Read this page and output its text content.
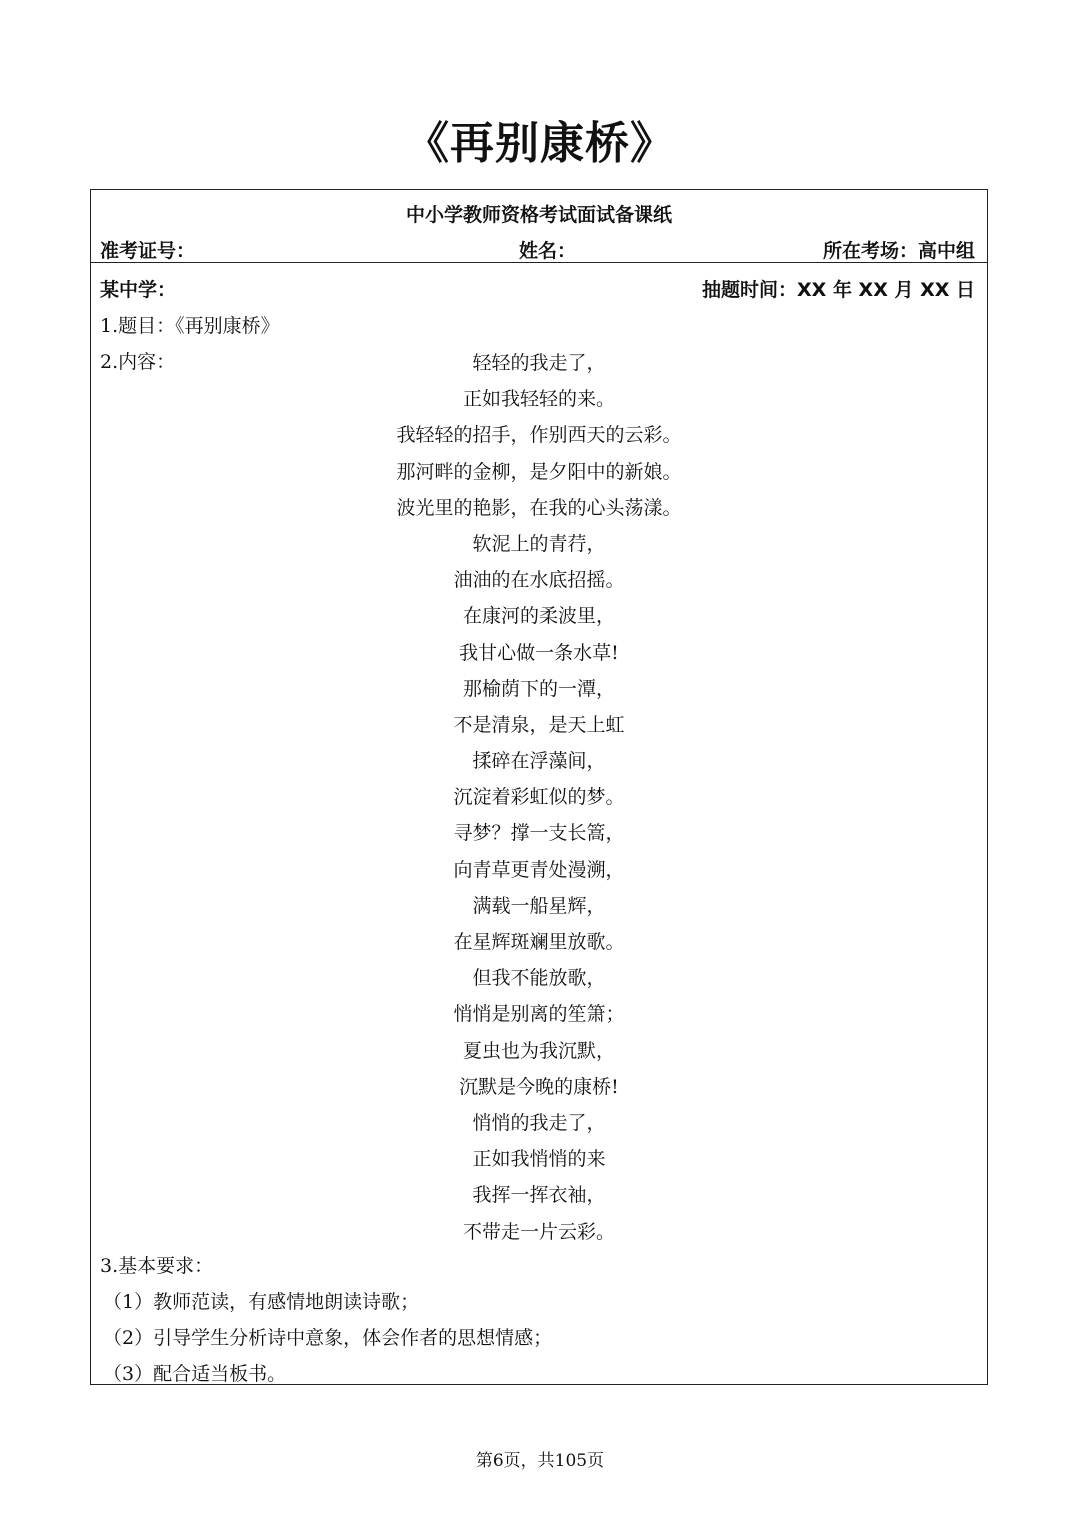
《再别康桥》
中小学教师资格考试面试备课纸
准考证号：	姓名：	所在考场：高中组
某中学：	抽题时间：XX 年 XX 月 XX 日
1.题目：《再别康桥》
2.内容：	轻轻的我走了，
正如我轻轻的来。
我轻轻的招手，作别西天的云彩。
那河畔的金柳，是夕阳中的新娘。
波光里的艳影，在我的心头荡漾。
软泥上的青荇，
油油的在水底招摇。
在康河的柔波里，
我甘心做一条水草!
那榆荫下的一潭，
不是清泉，是天上虹
揉碎在浮藻间，
沉淀着彩虹似的梦。
寻梦？撑一支长篙，
向青草更青处漫溯，
满载一船星辉，
在星辉斑斓里放歌。
但我不能放歌，
悄悄是别离的笙箫；
夏虫也为我沉默，
沉默是今晚的康桥!
悄悄的我走了，
正如我悄悄的来
我挥一挥衣袖，
不带走一片云彩。
3.基本要求：
（1）教师范读，有感情地朗读诗歌；
（2）引导学生分析诗中意象，体会作者的思想情感；
（3）配合适当板书。
第6页，共105页
